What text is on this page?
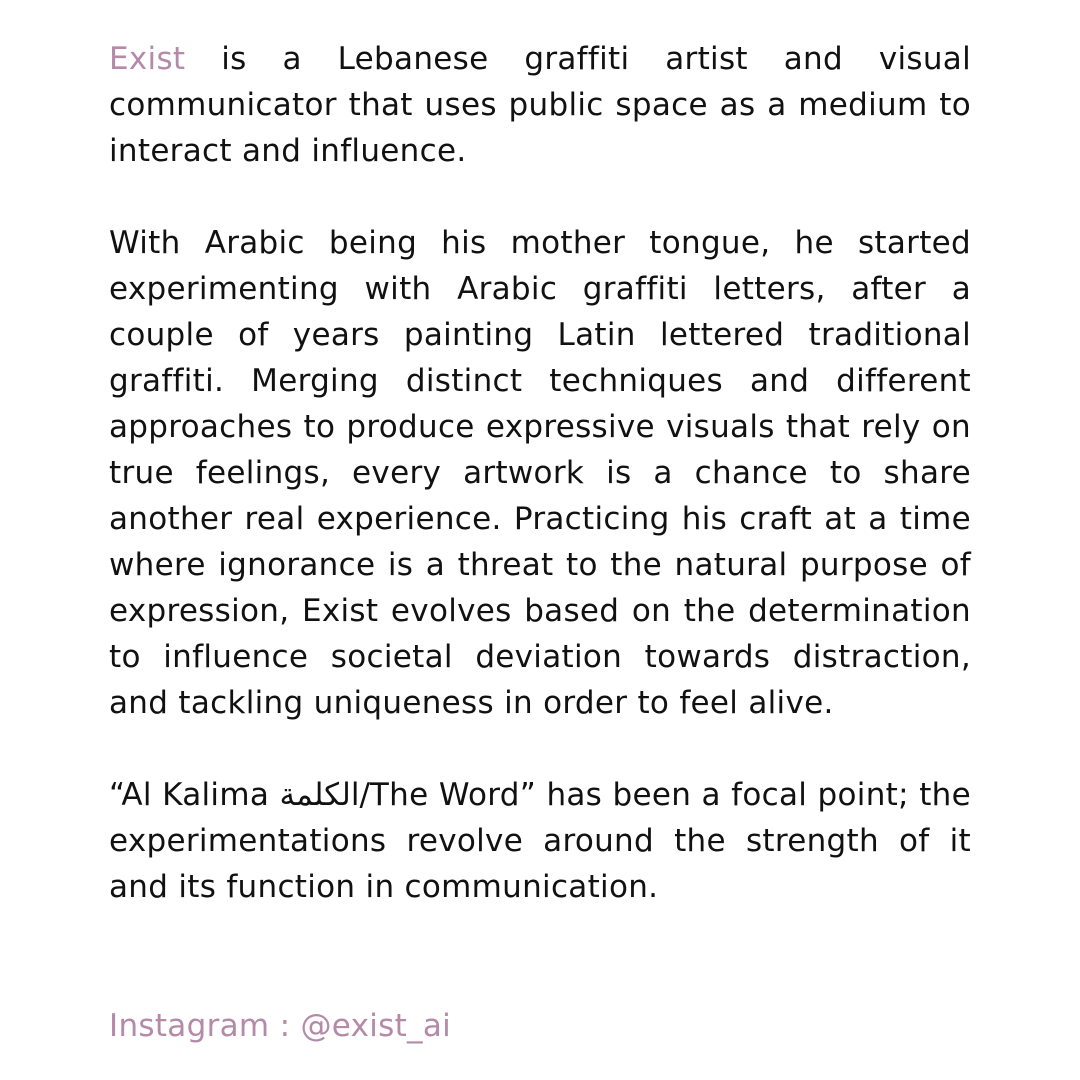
Exist is a Lebanese graffiti artist and visual communicator that uses public space as a medium to interact and influence.

With Arabic being his mother tongue, he started experimenting with Arabic graffiti letters, after a couple of years painting Latin lettered traditional graffiti. Merging distinct techniques and different approaches to produce expressive visuals that rely on true feelings, every artwork is a chance to share another real experience. Practicing his craft at a time where ignorance is a threat to the natural purpose of expression, Exist evolves based on the determination to influence societal deviation towards distraction, and tackling uniqueness in order to feel alive.

“Al Kalima الكلمة/The Word” has been a focal point; the experimentations revolve around the strength of it and its function in communication.

Instagram : @exist_ai
